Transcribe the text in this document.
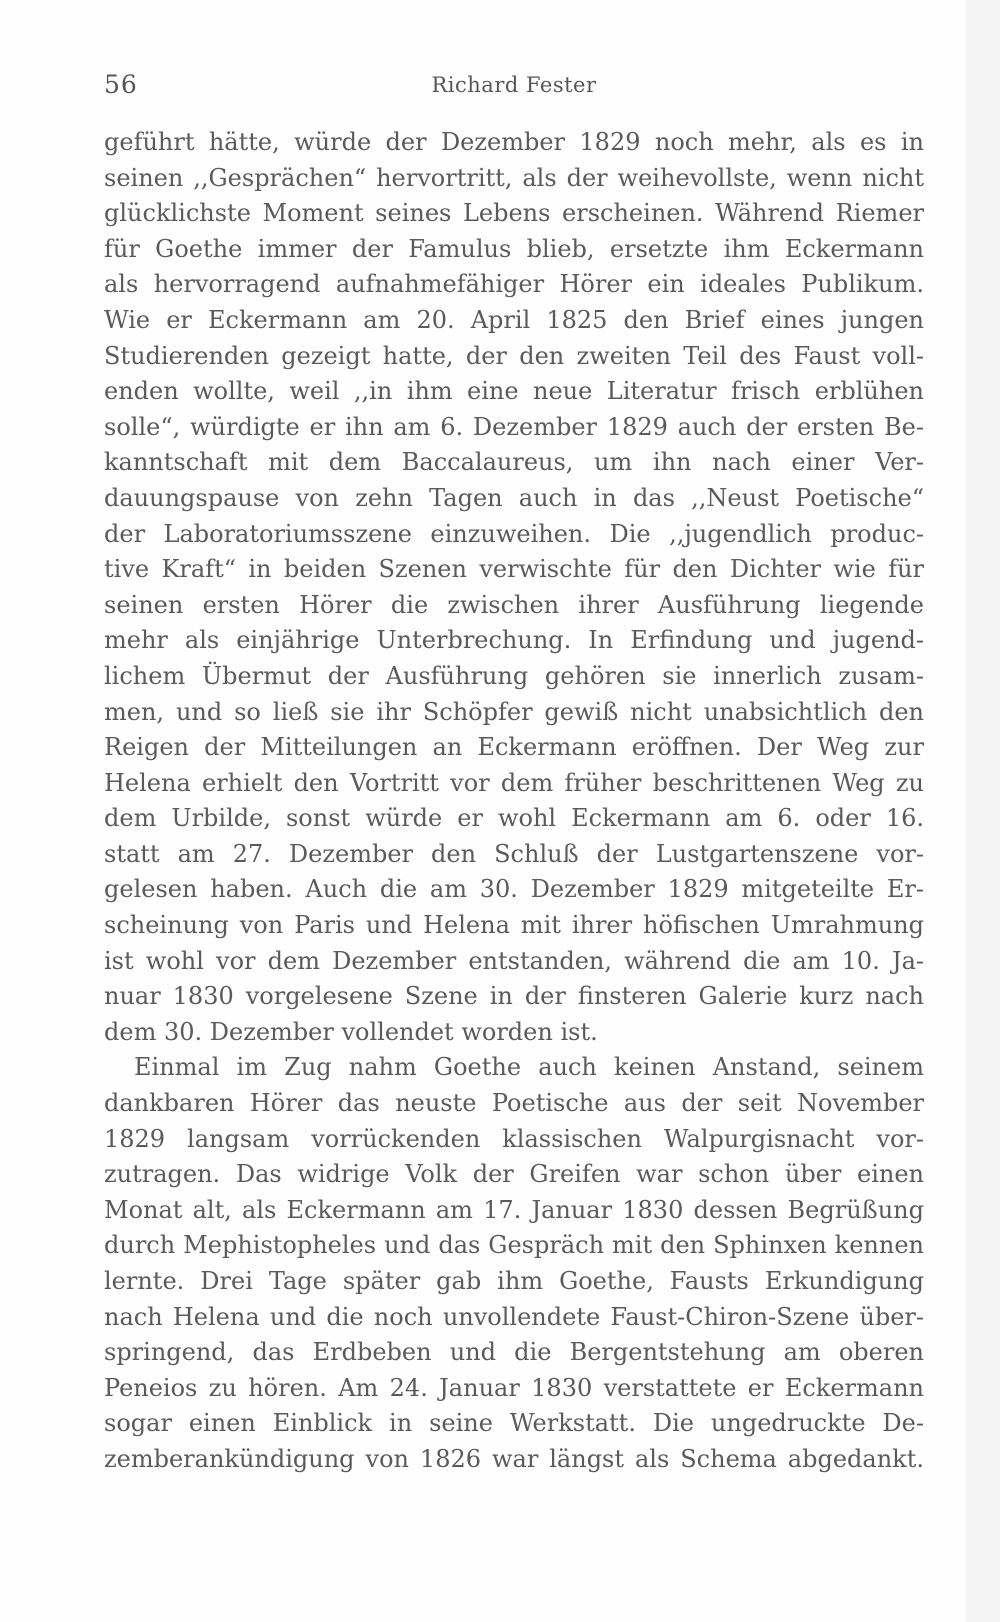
56	Richard Fester
geführt hätte, würde der Dezember 1829 noch mehr, als es in
seinen ,,Gesprächen“ hervortritt, als der weihevollste, wenn nicht
glücklichste Moment seines Lebens erscheinen. Während Riemer
für Goethe immer der Famulus blieb, ersetzte ihm Eckermann
als hervorragend aufnahmefähiger Hörer ein ideales Publikum.
Wie er Eckermann am 20. April 1825 den Brief eines jungen
Studierenden gezeigt hatte, der den zweiten Teil des Faust voll-
enden wollte, weil ,,in ihm eine neue Literatur frisch erblühen
solle“, würdigte er ihn am 6. Dezember 1829 auch der ersten Be-
kanntschaft mit dem Baccalaureus, um ihn nach einer Ver-
dauungspause von zehn Tagen auch in das ,,Neust Poetische“
der Laboratoriumsszene einzuweihen. Die ,,jugendlich produc-
tive Kraft“ in beiden Szenen verwischte für den Dichter wie für
seinen ersten Hörer die zwischen ihrer Ausführung liegende
mehr als einjährige Unterbrechung. In Erfindung und jugend-
lichem Übermut der Ausführung gehören sie innerlich zusam-
men, und so ließ sie ihr Schöpfer gewiß nicht unabsichtlich den
Reigen der Mitteilungen an Eckermann eröffnen. Der Weg zur
Helena erhielt den Vortritt vor dem früher beschrittenen Weg zu
dem Urbilde, sonst würde er wohl Eckermann am 6. oder 16.
statt am 27. Dezember den Schluß der Lustgartenszene vor-
gelesen haben. Auch die am 30. Dezember 1829 mitgeteilte Er-
scheinung von Paris und Helena mit ihrer höfischen Umrahmung
ist wohl vor dem Dezember entstanden, während die am 10. Ja-
nuar 1830 vorgelesene Szene in der finsteren Galerie kurz nach
dem 30. Dezember vollendet worden ist.
Einmal im Zug nahm Goethe auch keinen Anstand, seinem
dankbaren Hörer das neuste Poetische aus der seit November
1829 langsam vorrückenden klassischen Walpurgisnacht vor-
zutragen. Das widrige Volk der Greifen war schon über einen
Monat alt, als Eckermann am 17. Januar 1830 dessen Begrüßung
durch Mephistopheles und das Gespräch mit den Sphinxen kennen
lernte. Drei Tage später gab ihm Goethe, Fausts Erkundigung
nach Helena und die noch unvollendete Faust-Chiron-Szene über-
springend, das Erdbeben und die Bergentstehung am oberen
Peneios zu hören. Am 24. Januar 1830 verstattete er Eckermann
sogar einen Einblick in seine Werkstatt. Die ungedruckte De-
zemberankündigung von 1826 war längst als Schema abgedankt.
